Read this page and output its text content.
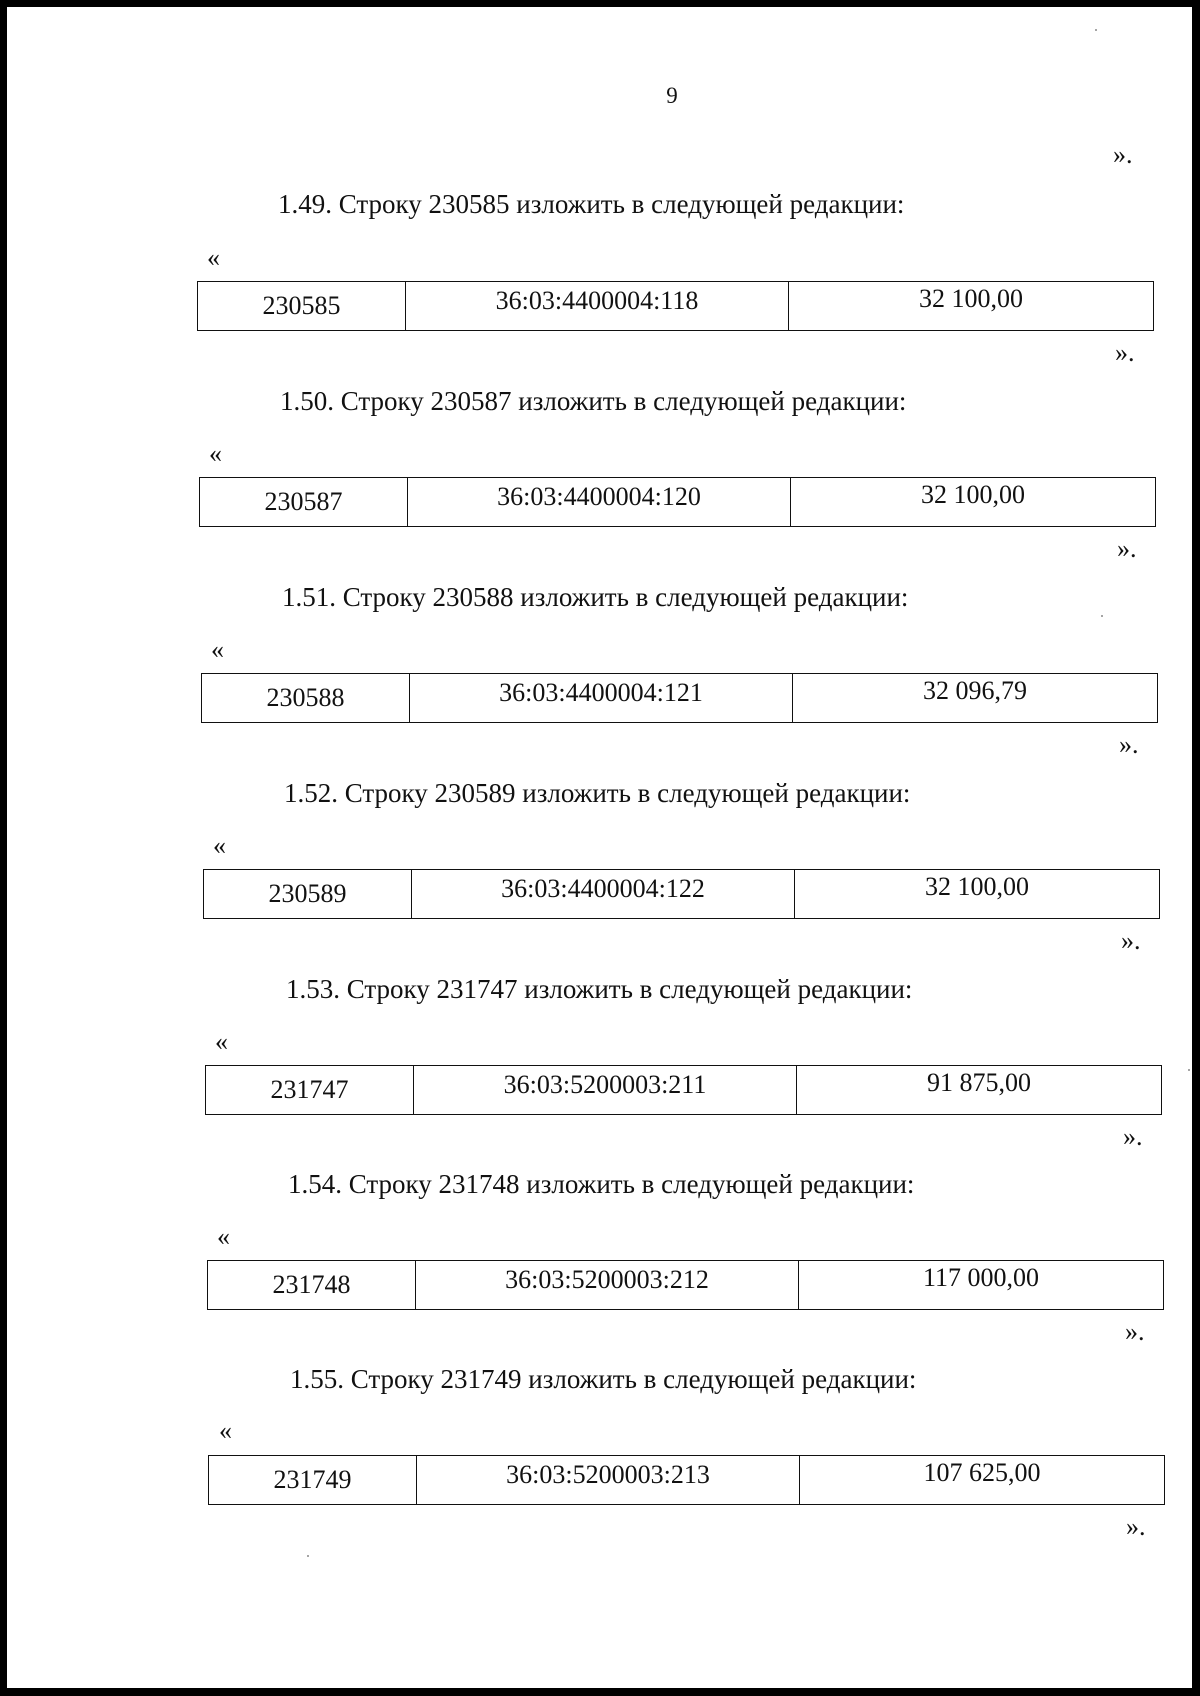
9
».
1.49. Строку 230585 изложить в следующей редакции:
«
230585	36:03:4400004:118	32 100,00
».
1.50. Строку 230587 изложить в следующей редакции:
«
230587	36:03:4400004:120	32 100,00
».
1.51. Строку 230588 изложить в следующей редакции:
«
230588	36:03:4400004:121	32 096,79
».
1.52. Строку 230589 изложить в следующей редакции:
«
230589	36:03:4400004:122	32 100,00
».
1.53. Строку 231747 изложить в следующей редакции:
«
231747	36:03:5200003:211	91 875,00
».
1.54. Строку 231748 изложить в следующей редакции:
«
231748	36:03:5200003:212	117 000,00
».
1.55. Строку 231749 изложить в следующей редакции:
«
231749	36:03:5200003:213	107 625,00
».
